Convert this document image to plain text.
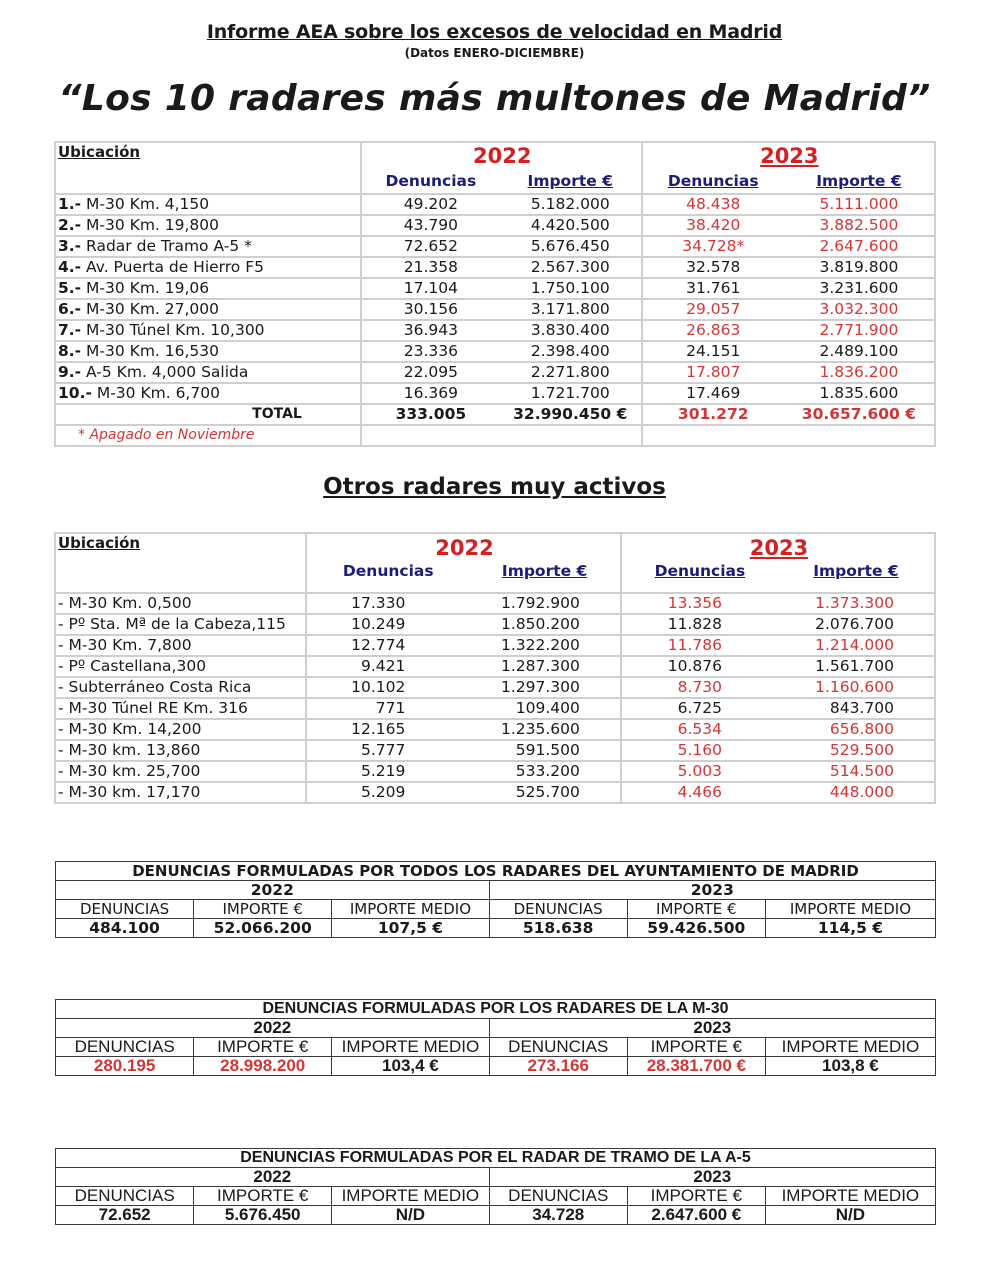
Informe AEA sobre los excesos de velocidad en Madrid
(Datos ENERO-DICIEMBRE)
“Los 10 radares más multones de Madrid”
Ubicación	2022		2023	
	Denuncias	Importe €	Denuncias	Importe €
1.- M-30 Km. 4,150	49.202	5.182.000	48.438	5.111.000
2.- M-30 Km. 19,800	43.790	4.420.500	38.420	3.882.500
3.- Radar de Tramo A-5 *	72.652	5.676.450	34.728*	2.647.600
4.- Av. Puerta de Hierro F5	21.358	2.567.300	32.578	3.819.800
5.- M-30 Km. 19,06	17.104	1.750.100	31.761	3.231.600
6.- M-30 Km. 27,000	30.156	3.171.800	29.057	3.032.300
7.- M-30 Túnel Km. 10,300	36.943	3.830.400	26.863	2.771.900
8.- M-30 Km. 16,530	23.336	2.398.400	24.151	2.489.100
9.- A-5 Km. 4,000 Salida	22.095	2.271.800	17.807	1.836.200
10.- M-30 Km. 6,700	16.369	1.721.700	17.469	1.835.600
TOTAL	333.005	32.990.450 €	301.272	30.657.600 €
* Apagado en Noviembre				
Otros radares muy activos
Ubicación	2022		2023	
	Denuncias	Importe €	Denuncias	Importe €
- M-30 Km. 0,500	17.330	1.792.900	13.356	1.373.300
- Pº Sta. Mª de la Cabeza,115	10.249	1.850.200	11.828	2.076.700
- M-30 Km. 7,800	12.774	1.322.200	11.786	1.214.000
- Pº Castellana,300	9.421	1.287.300	10.876	1.561.700
- Subterráneo Costa Rica	10.102	1.297.300	8.730	1.160.600
- M-30 Túnel RE Km. 316	771	109.400	6.725	843.700
- M-30 Km. 14,200	12.165	1.235.600	6.534	656.800
- M-30 km. 13,860	5.777	591.500	5.160	529.500
- M-30 km. 25,700	5.219	533.200	5.003	514.500
- M-30 km. 17,170	5.209	525.700	4.466	448.000
DENUNCIAS FORMULADAS POR TODOS LOS RADARES DEL AYUNTAMIENTO DE MADRID					
2022			2023		
DENUNCIAS	IMPORTE €	IMPORTE MEDIO	DENUNCIAS	IMPORTE €	IMPORTE MEDIO
484.100	52.066.200	107,5 €	518.638	59.426.500	114,5 €
DENUNCIAS FORMULADAS POR LOS RADARES DE LA M-30					
2022			2023		
DENUNCIAS	IMPORTE €	IMPORTE MEDIO	DENUNCIAS	IMPORTE €	IMPORTE MEDIO
280.195	28.998.200	103,4 €	273.166	28.381.700 €	103,8 €
DENUNCIAS FORMULADAS POR EL RADAR DE TRAMO DE LA A-5					
2022			2023		
DENUNCIAS	IMPORTE €	IMPORTE MEDIO	DENUNCIAS	IMPORTE €	IMPORTE MEDIO
72.652	5.676.450	N/D	34.728	2.647.600 €	N/D
